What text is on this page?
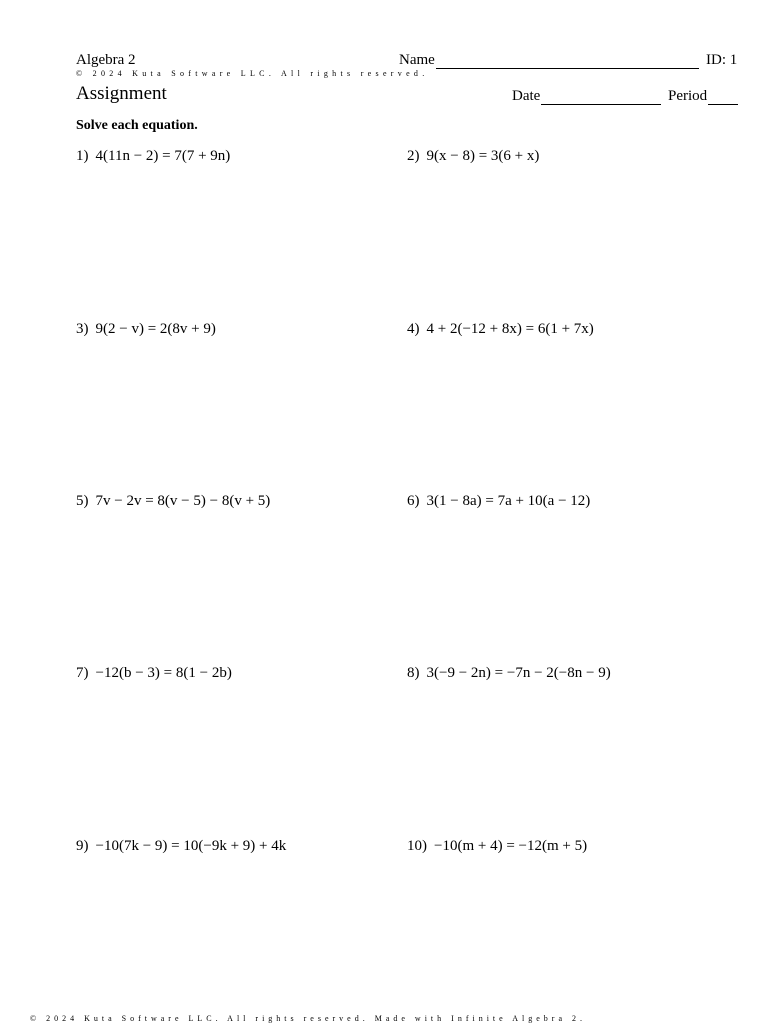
Algebra 2	Name	ID: 1
© 2024 Kuta Software LLC. All rights reserved.
Assignment	Date	Period
Solve each equation.
1) 4(11n − 2) = 7(7 + 9n)	2) 9(x − 8) = 3(6 + x)
3) 9(2 − v) = 2(8v + 9)	4) 4 + 2(−12 + 8x) = 6(1 + 7x)
5) 7v − 2v = 8(v − 5) − 8(v + 5)	6) 3(1 − 8a) = 7a + 10(a − 12)
7) −12(b − 3) = 8(1 − 2b)	8) 3(−9 − 2n) = −7n − 2(−8n − 9)
9) −10(7k − 9) = 10(−9k + 9) + 4k	10) −10(m + 4) = −12(m + 5)
© 2024 Kuta Software LLC. All rights reserved. Made with Infinite Algebra 2.
